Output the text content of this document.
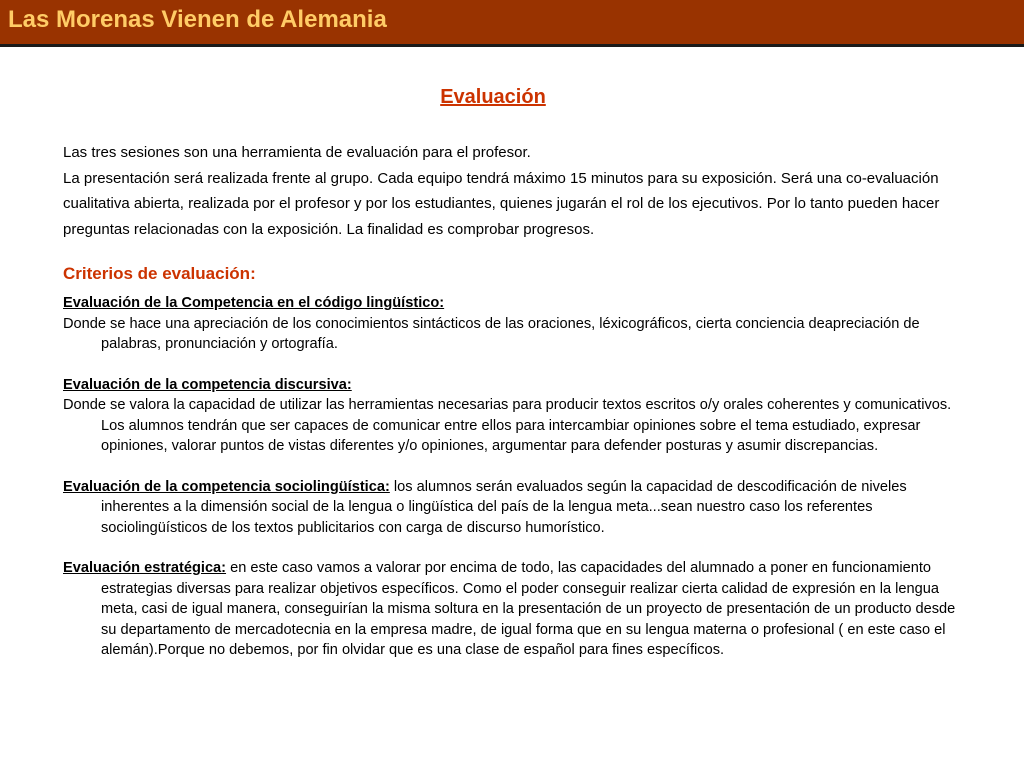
Las Morenas Vienen de Alemania
Evaluación

Las tres sesiones son una herramienta de evaluación para el profesor.

La presentación será realizada frente al grupo. Cada equipo tendrá máximo 15 minutos para su exposición. Será una co-evaluación cualitativa abierta, realizada por el profesor y por los estudiantes, quienes jugarán el rol de los ejecutivos. Por lo tanto pueden hacer preguntas relacionadas con la exposición. La finalidad es comprobar progresos.

Criterios de evaluación:

Evaluación de la Competencia en el código lingüístico:
Donde se hace una apreciación de los conocimientos sintácticos de las oraciones, léxicográficos, cierta conciencia deapreciación de palabras, pronunciación y ortografía.

Evaluación de la competencia discursiva:
Donde se valora la capacidad de utilizar las herramientas necesarias para producir textos escritos o/y orales coherentes y comunicativos. Los alumnos tendrán que ser capaces de comunicar entre ellos para intercambiar opiniones sobre el tema estudiado, expresar opiniones, valorar puntos de vistas diferentes y/o opiniones, argumentar para defender posturas y asumir discrepancias.

Evaluación de la competencia sociolingüística: los alumnos serán evaluados según la capacidad de descodificación de niveles inherentes a la dimensión social de la lengua o lingüística del país de la lengua meta...sean nuestro caso los referentes sociolingüísticos de los textos publicitarios con carga de discurso humorístico.

Evaluación estratégica: en este caso vamos a valorar por encima de todo, las capacidades del alumnado a poner en funcionamiento estrategias diversas para realizar objetivos específicos. Como el poder conseguir realizar cierta calidad de expresión en la lengua meta, casi de igual manera, conseguirían la misma soltura en la presentación de un proyecto de presentación de un producto desde su departamento de mercadotecnia en la empresa madre, de igual forma que en su lengua materna o profesional ( en este caso el alemán).Porque no debemos, por fin olvidar que es una clase de español para fines específicos.
